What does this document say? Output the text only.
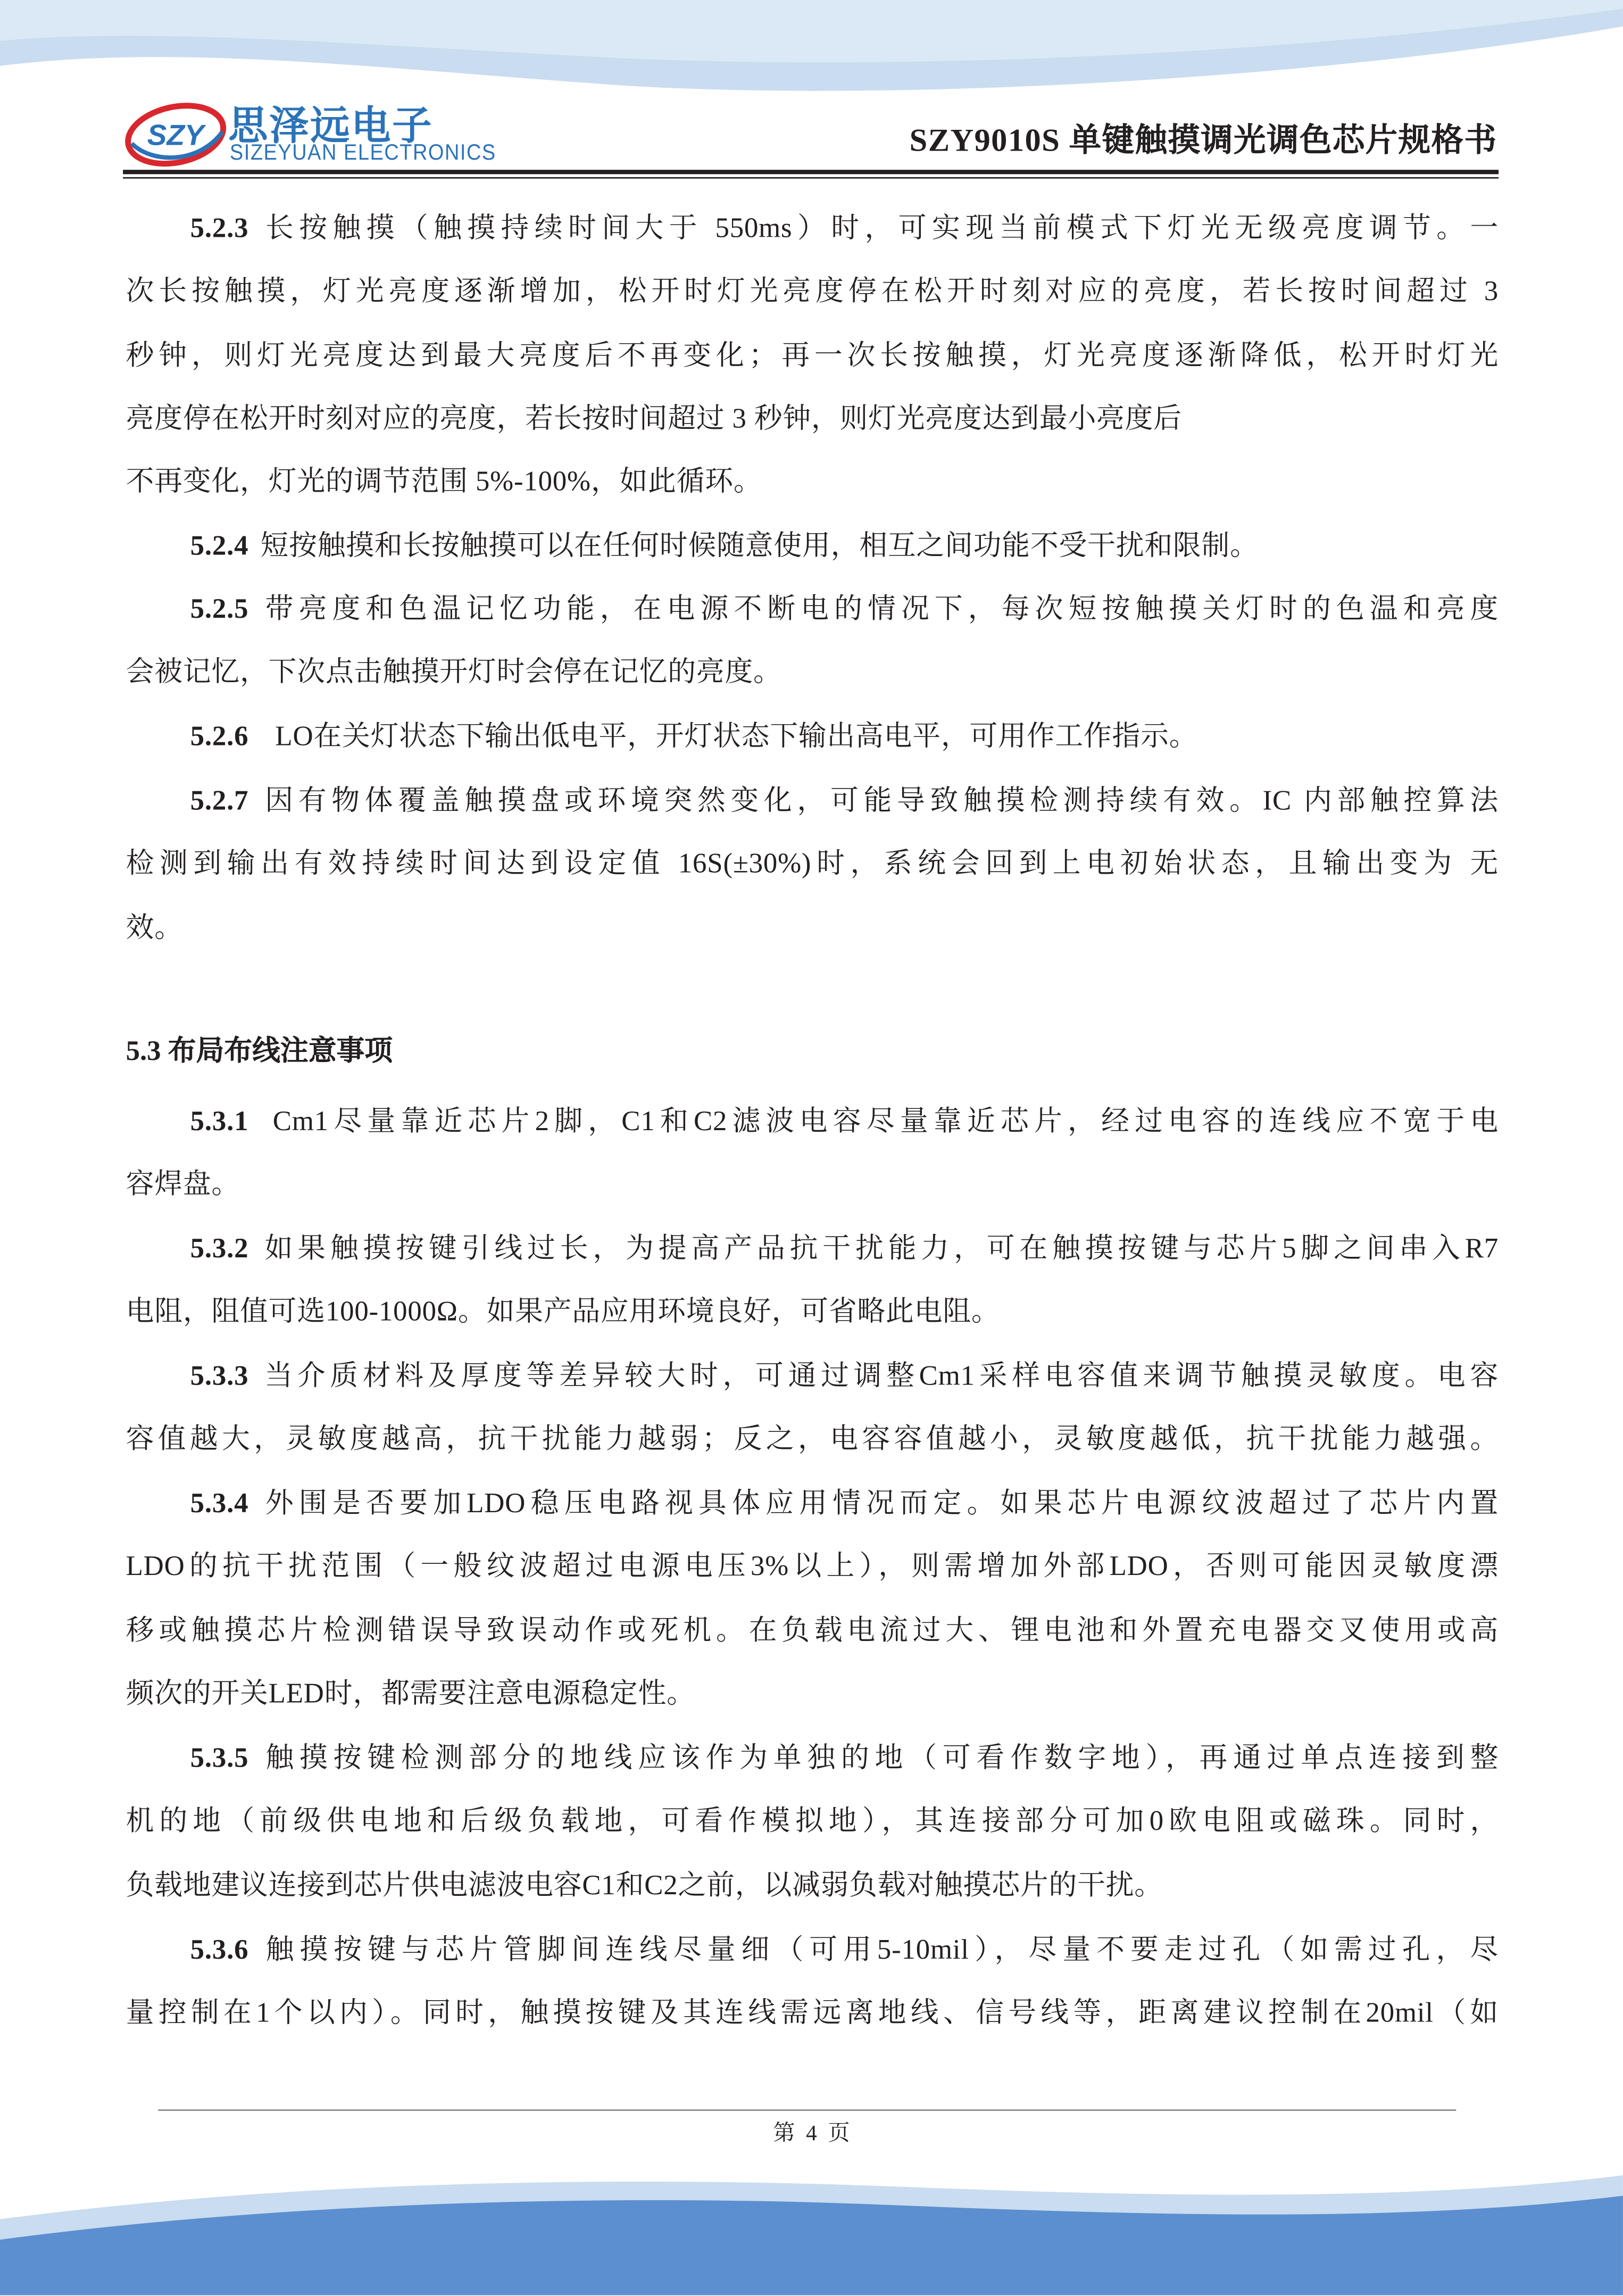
SZY 思泽远电子
SIZEYUAN ELECTRONICS	SZY9010S 单键触摸调光调色芯片规格书
5.2.3 长按触摸（触摸持续时间大于 550ms）时，可实现当前模式下灯光无级亮度调节。一
次长按触摸，灯光亮度逐渐增加，松开时灯光亮度停在松开时刻对应的亮度，若长按时间超过 3
秒钟，则灯光亮度达到最大亮度后不再变化；再一次长按触摸，灯光亮度逐渐降低，松开时灯光
亮度停在松开时刻对应的亮度，若长按时间超过 3 秒钟，则灯光亮度达到最小亮度后
不再变化，灯光的调节范围 5%-100%，如此循环。
5.2.4 短按触摸和长按触摸可以在任何时候随意使用，相互之间功能不受干扰和限制。
5.2.5 带亮度和色温记忆功能，在电源不断电的情况下，每次短按触摸关灯时的色温和亮度
会被记忆，下次点击触摸开灯时会停在记忆的亮度。
5.2.6  LO在关灯状态下输出低电平，开灯状态下输出高电平，可用作工作指示。
5.2.7 因有物体覆盖触摸盘或环境突然变化，可能导致触摸检测持续有效。IC 内部触控算法
检测到输出有效持续时间达到设定值 16S(±30%)时，系统会回到上电初始状态，且输出变为 无
效。
5.3 布局布线注意事项
5.3.1 Cm1尽量靠近芯片2脚，C1和C2滤波电容尽量靠近芯片，经过电容的连线应不宽于电
容焊盘。
5.3.2 如果触摸按键引线过长，为提高产品抗干扰能力，可在触摸按键与芯片5脚之间串入R7
电阻，阻值可选100-1000Ω。如果产品应用环境良好，可省略此电阻。
5.3.3 当介质材料及厚度等差异较大时，可通过调整Cm1采样电容值来调节触摸灵敏度。电容
容值越大，灵敏度越高，抗干扰能力越弱；反之，电容容值越小，灵敏度越低，抗干扰能力越强。
5.3.4 外围是否要加LDO稳压电路视具体应用情况而定。如果芯片电源纹波超过了芯片内置
LDO的抗干扰范围（一般纹波超过电源电压3%以上），则需增加外部LDO，否则可能因灵敏度漂
移或触摸芯片检测错误导致误动作或死机。在负载电流过大、锂电池和外置充电器交叉使用或高
频次的开关LED时，都需要注意电源稳定性。
5.3.5 触摸按键检测部分的地线应该作为单独的地（可看作数字地），再通过单点连接到整
机的地（前级供电地和后级负载地，可看作模拟地），其连接部分可加0欧电阻或磁珠。同时，
负载地建议连接到芯片供电滤波电容C1和C2之前，以减弱负载对触摸芯片的干扰。
5.3.6 触摸按键与芯片管脚间连线尽量细（可用5-10mil），尽量不要走过孔（如需过孔，尽
量控制在1个以内）。同时，触摸按键及其连线需远离地线、信号线等，距离建议控制在20mil（如
第  4  页
